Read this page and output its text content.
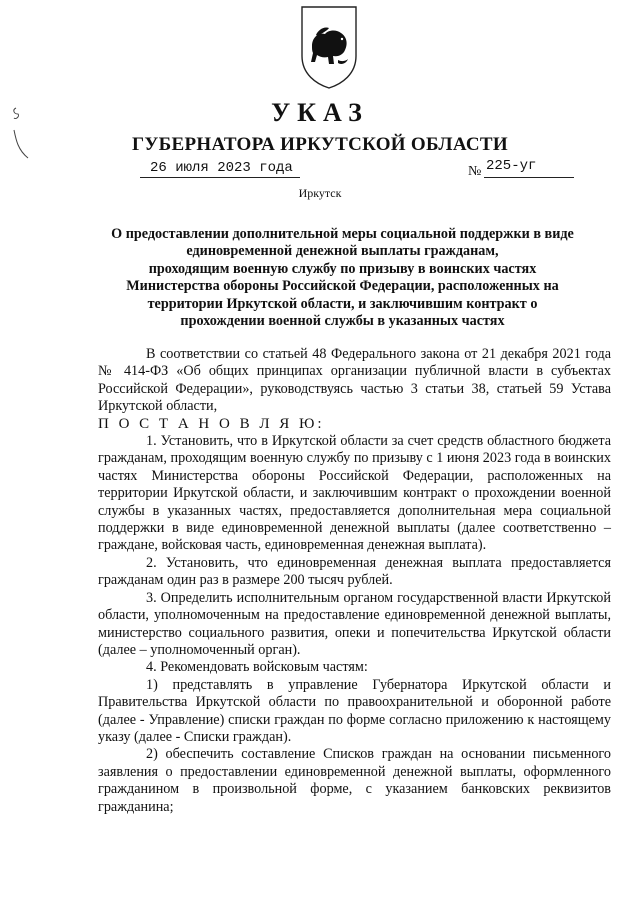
УКАЗ
ГУБЕРНАТОРА ИРКУТСКОЙ ОБЛАСТИ
26 июля 2023 года	№ 225-уг
Иркутск
О предоставлении дополнительной меры социальной поддержки в виде
единовременной денежной выплаты гражданам,
проходящим военную службу по призыву в воинских частях
Министерства обороны Российской Федерации, расположенных на
территории Иркутской области, и заключившим контракт о
прохождении военной службы в указанных частях

В соответствии со статьей 48 Федерального закона от 21 декабря 2021 года № 414-ФЗ «Об общих принципах организации публичной власти в субъектах Российской Федерации», руководствуясь частью 3 статьи 38, статьей 59 Устава Иркутской области,

П О С Т А Н О В Л Я Ю:

1. Установить, что в Иркутской области за счет средств областного бюджета гражданам, проходящим военную службу по призыву с 1 июня 2023 года в воинских частях Министерства обороны Российской Федерации, расположенных на территории Иркутской области, и заключившим контракт о прохождении военной службы в указанных частях, предоставляется дополнительная мера социальной поддержки в виде единовременной денежной выплаты (далее соответственно – граждане, войсковая часть, единовременная денежная выплата).

2. Установить, что единовременная денежная выплата предоставляется гражданам один раз в размере 200 тысяч рублей.

3. Определить исполнительным органом государственной власти Иркутской области, уполномоченным на предоставление единовременной денежной выплаты, министерство социального развития, опеки и попечительства Иркутской области (далее – уполномоченный орган).

4. Рекомендовать войсковым частям:

1) представлять в управление Губернатора Иркутской области и Правительства Иркутской области по правоохранительной и оборонной работе (далее - Управление) списки граждан по форме согласно приложению к настоящему указу (далее - Списки граждан).

2) обеспечить составление Списков граждан на основании письменного заявления о предоставлении единовременной денежной выплаты, оформленного гражданином в произвольной форме, с указанием банковских реквизитов гражданина;
